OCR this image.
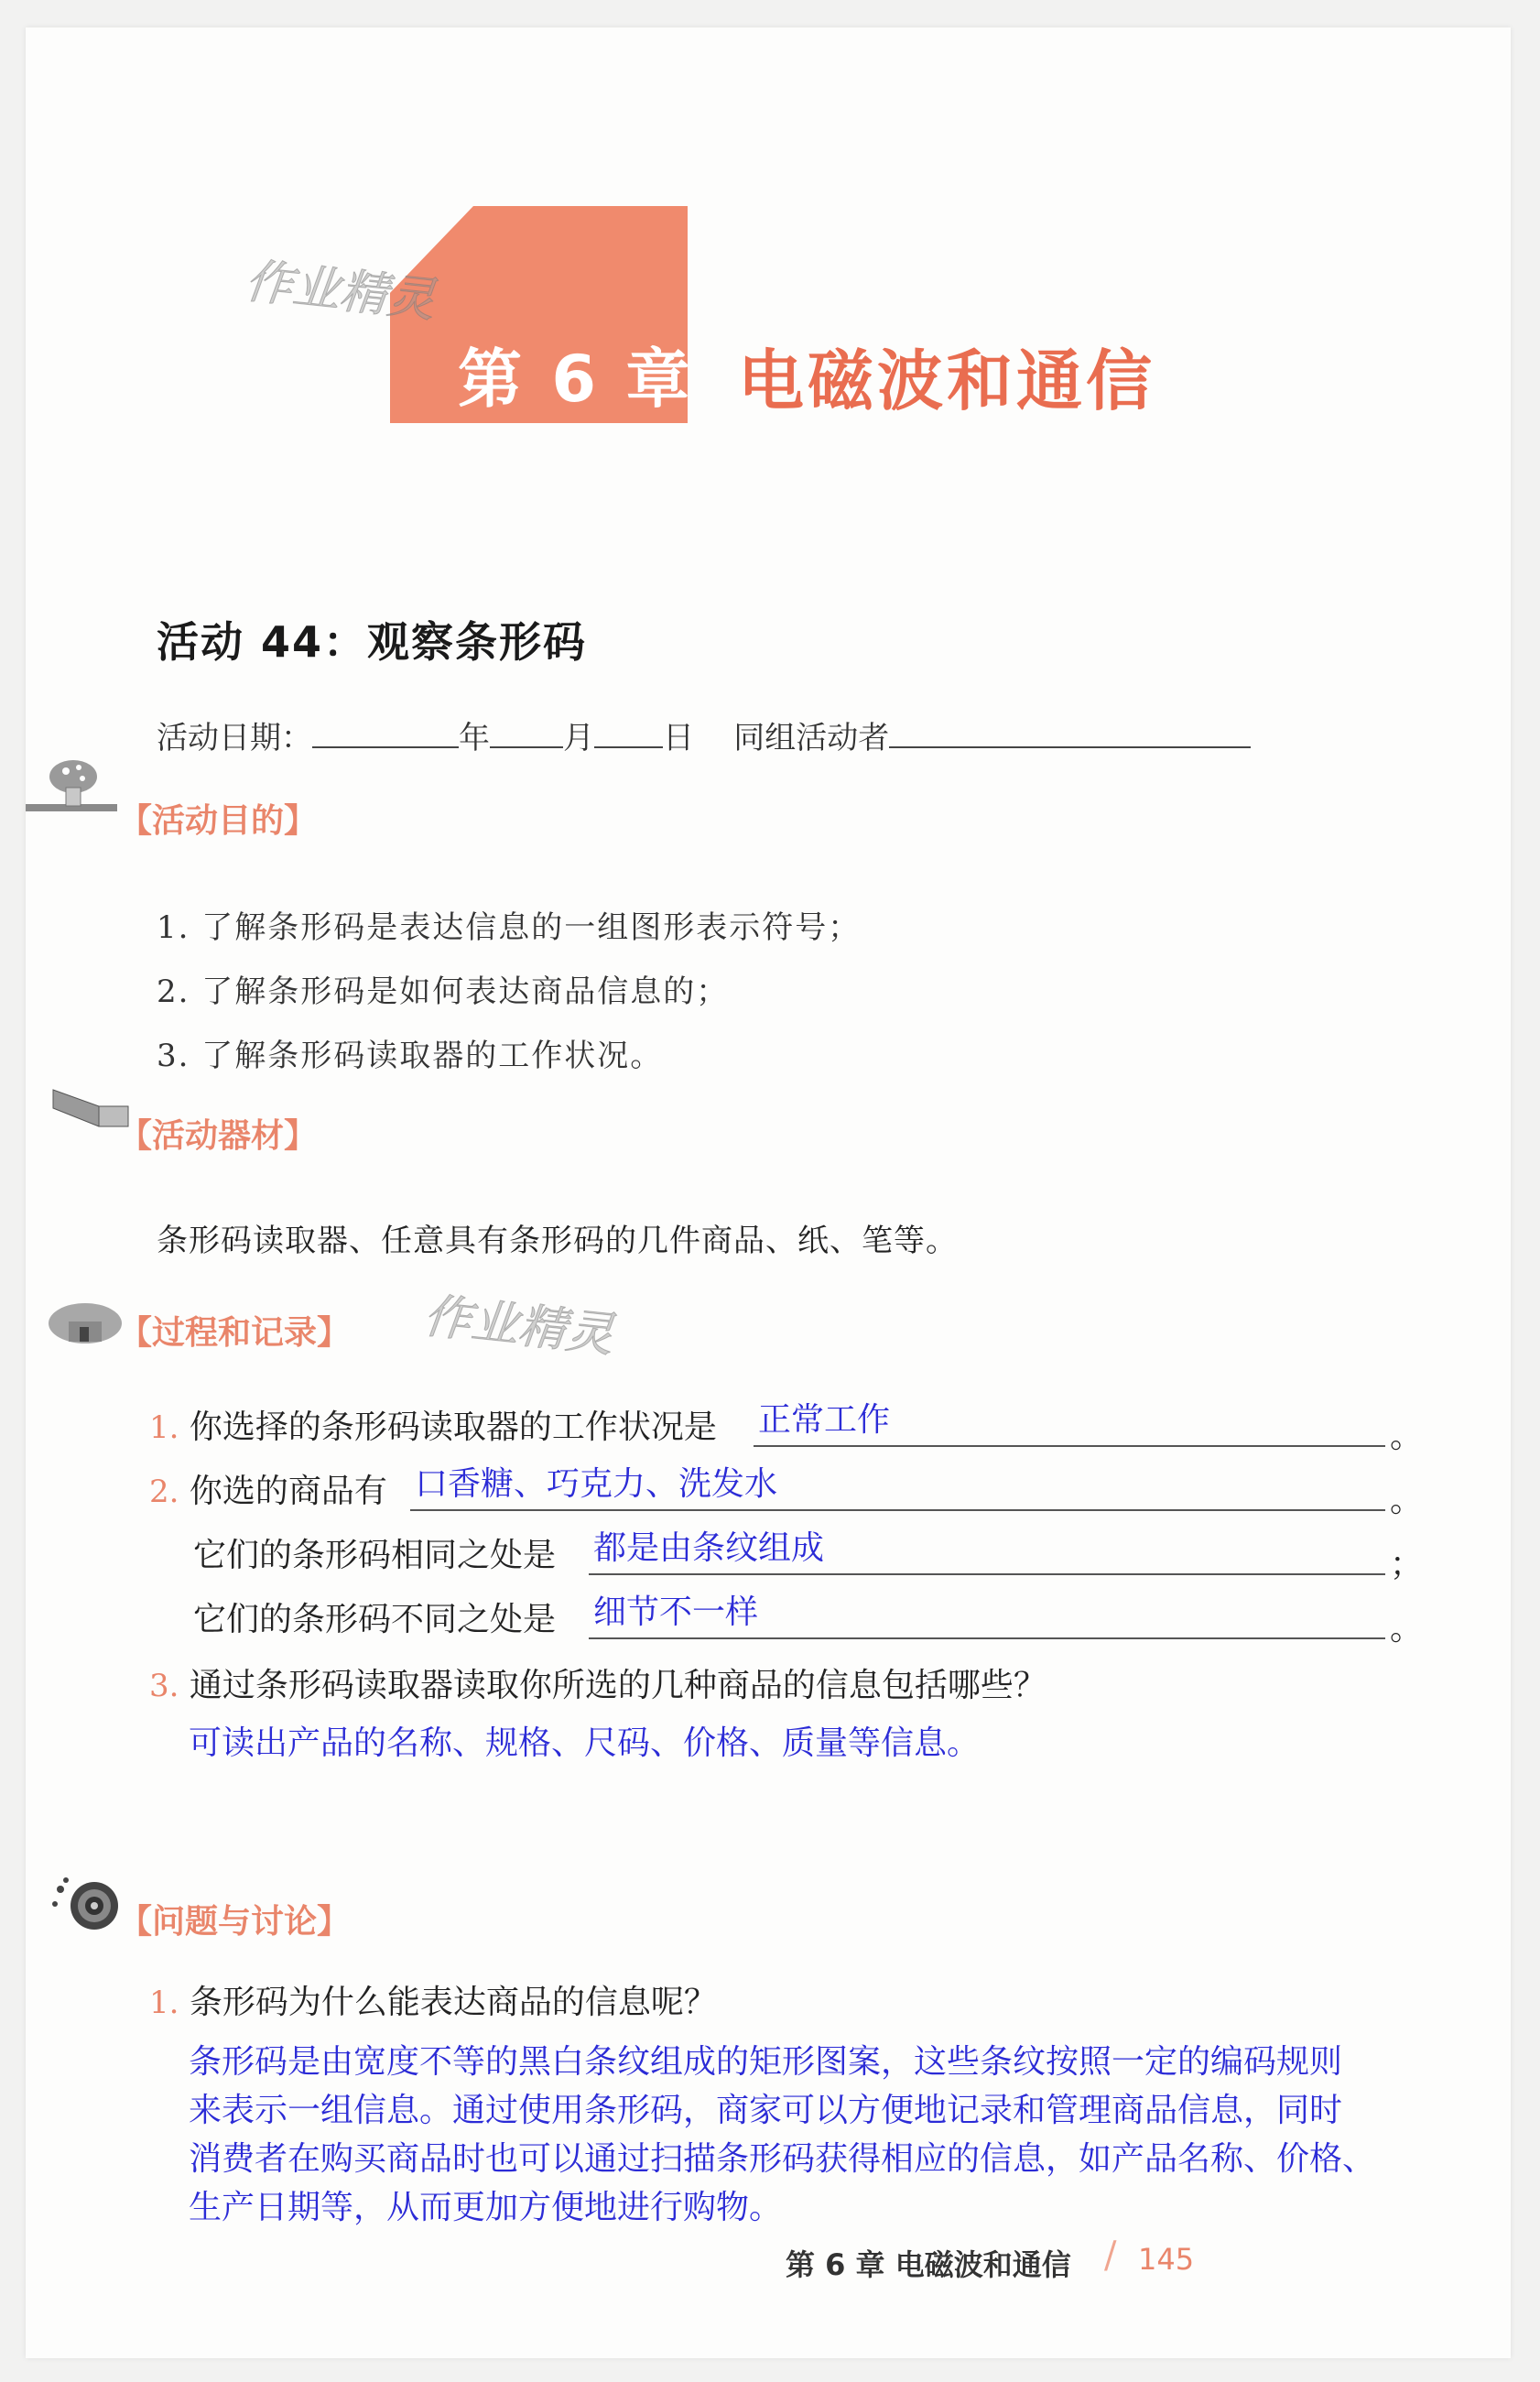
第 6 章 电磁波和通信
作业精灵
活动 44：观察条形码
活动日期：	年 月 日 同组活动者
【活动目的】
1. 了解条形码是表达信息的一组图形表示符号；
2. 了解条形码是如何表达商品信息的；
3. 了解条形码读取器的工作状况。
【活动器材】
条形码读取器、任意具有条形码的几件商品、纸、笔等。
【过程和记录】 作业精灵
1. 你选择的条形码读取器的工作状况是 正常工作	。
2. 你选的商品有 口香糖、巧克力、洗发水	。
它们的条形码相同之处是 都是由条纹组成	；
它们的条形码不同之处是 细节不一样	。
3. 通过条形码读取器读取你所选的几种商品的信息包括哪些？
可读出产品的名称、规格、尺码、价格、质量等信息。
【问题与讨论】
1. 条形码为什么能表达商品的信息呢？
条形码是由宽度不等的黑白条纹组成的矩形图案，这些条纹按照一定的编码规则
来表示一组信息。通过使用条形码，商家可以方便地记录和管理商品信息，同时
消费者在购买商品时也可以通过扫描条形码获得相应的信息，如产品名称、价格、
生产日期等，从而更加方便地进行购物。
第 6 章 电磁波和通信 / 145
